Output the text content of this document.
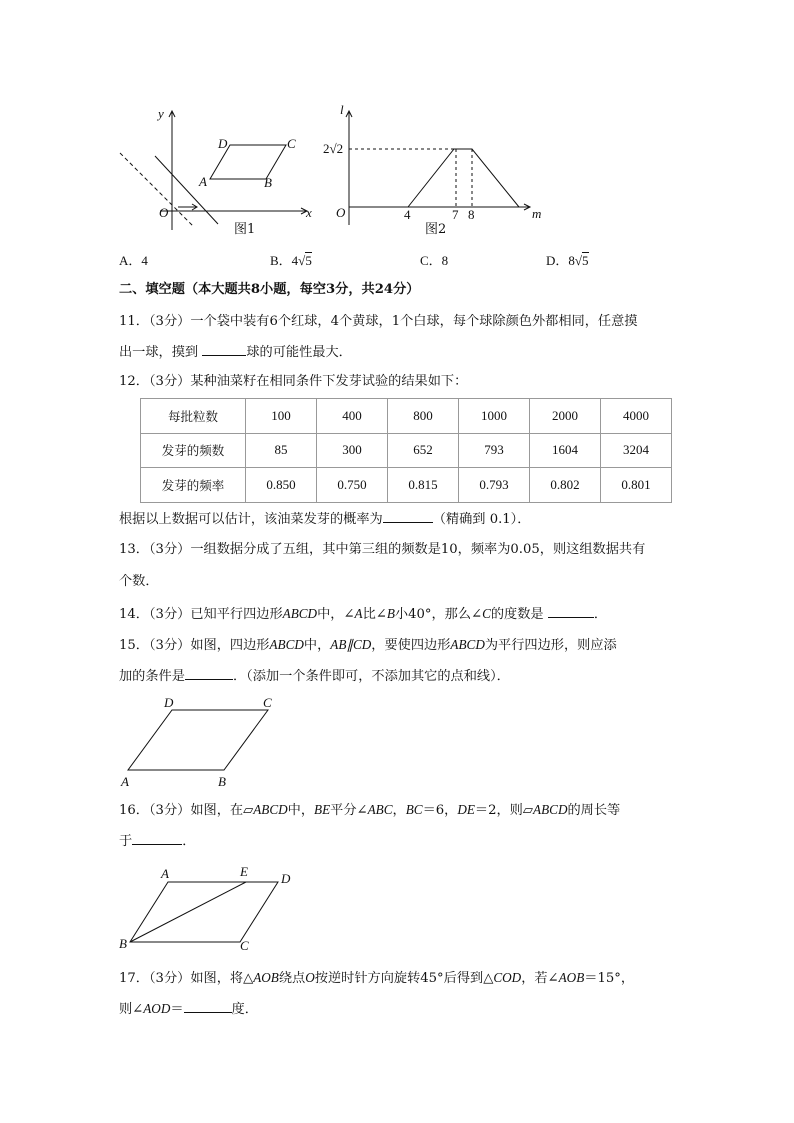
y
x
O
D	C
A	B
图1
l
m
O
2√2
4	7 8
图2
A．4	B．4√5	C．8	D．8√5
二、填空题（本大题共8小题，每空3分，共24分）
11．（3分）一个袋中装有6个红球，4个黄球，1个白球，每个球除颜色外都相同，任意摸
出一球，摸到	球的可能性最大．
12．（3分）某种油菜籽在相同条件下发芽试验的结果如下：
每批粒数	100	400	800	1000	2000	4000
发芽的频数	85	300	652	793	1604	3204
发芽的频率	0.850	0.750	0.815	0.793	0.802	0.801
根据以上数据可以估计，该油菜发芽的概率为	（精确到 0.1）．
13．（3分）一组数据分成了五组，其中第三组的频数是10，频率为0.05，则这组数据共有
个数．
14．（3分）已知平行四边形ABCD中，∠A比∠B小40°，那么∠C的度数是	．
15．（3分）如图，四边形ABCD中，AB∥CD，要使四边形ABCD为平行四边形，则应添
加的条件是	．（添加一个条件即可，不添加其它的点和线）．
D	C
A	B
16．（3分）如图，在▱ABCD中，BE平分∠ABC，BC＝6，DE＝2，则▱ABCD的周长等
于	．
A	E	D
B	C
17．（3分）如图，将△AOB绕点O按逆时针方向旋转45°后得到△COD，若∠AOB＝15°，
则∠AOD＝	度．
